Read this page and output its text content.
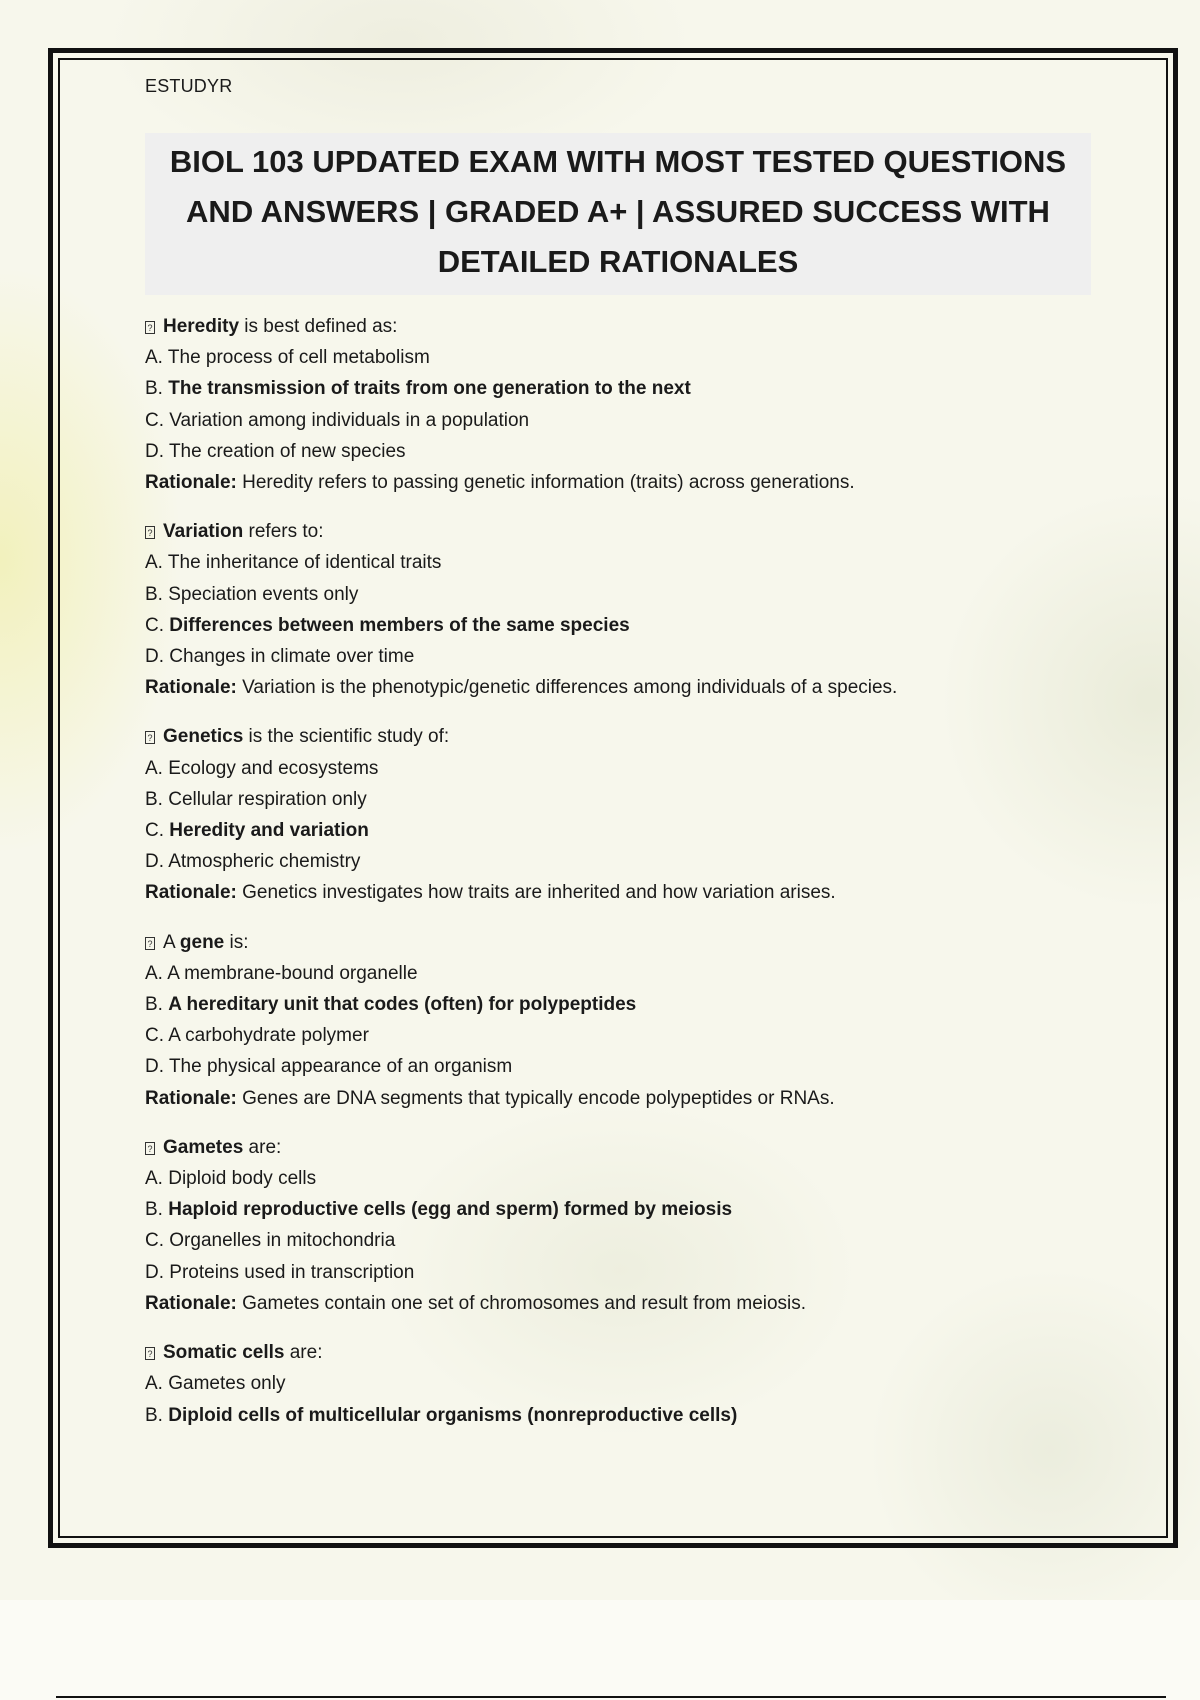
ESTUDYR
BIOL 103 UPDATED EXAM WITH MOST TESTED QUESTIONS
AND ANSWERS | GRADED A+ | ASSURED SUCCESS WITH
DETAILED RATIONALES
? Heredity is best defined as:
A. The process of cell metabolism
B. The transmission of traits from one generation to the next
C. Variation among individuals in a population
D. The creation of new species
Rationale: Heredity refers to passing genetic information (traits) across generations.
? Variation refers to:
A. The inheritance of identical traits
B. Speciation events only
C. Differences between members of the same species
D. Changes in climate over time
Rationale: Variation is the phenotypic/genetic differences among individuals of a species.
? Genetics is the scientific study of:
A. Ecology and ecosystems
B. Cellular respiration only
C. Heredity and variation
D. Atmospheric chemistry
Rationale: Genetics investigates how traits are inherited and how variation arises.
? A gene is:
A. A membrane-bound organelle
B. A hereditary unit that codes (often) for polypeptides
C. A carbohydrate polymer
D. The physical appearance of an organism
Rationale: Genes are DNA segments that typically encode polypeptides or RNAs.
? Gametes are:
A. Diploid body cells
B. Haploid reproductive cells (egg and sperm) formed by meiosis
C. Organelles in mitochondria
D. Proteins used in transcription
Rationale: Gametes contain one set of chromosomes and result from meiosis.
? Somatic cells are:
A. Gametes only
B. Diploid cells of multicellular organisms (nonreproductive cells)
